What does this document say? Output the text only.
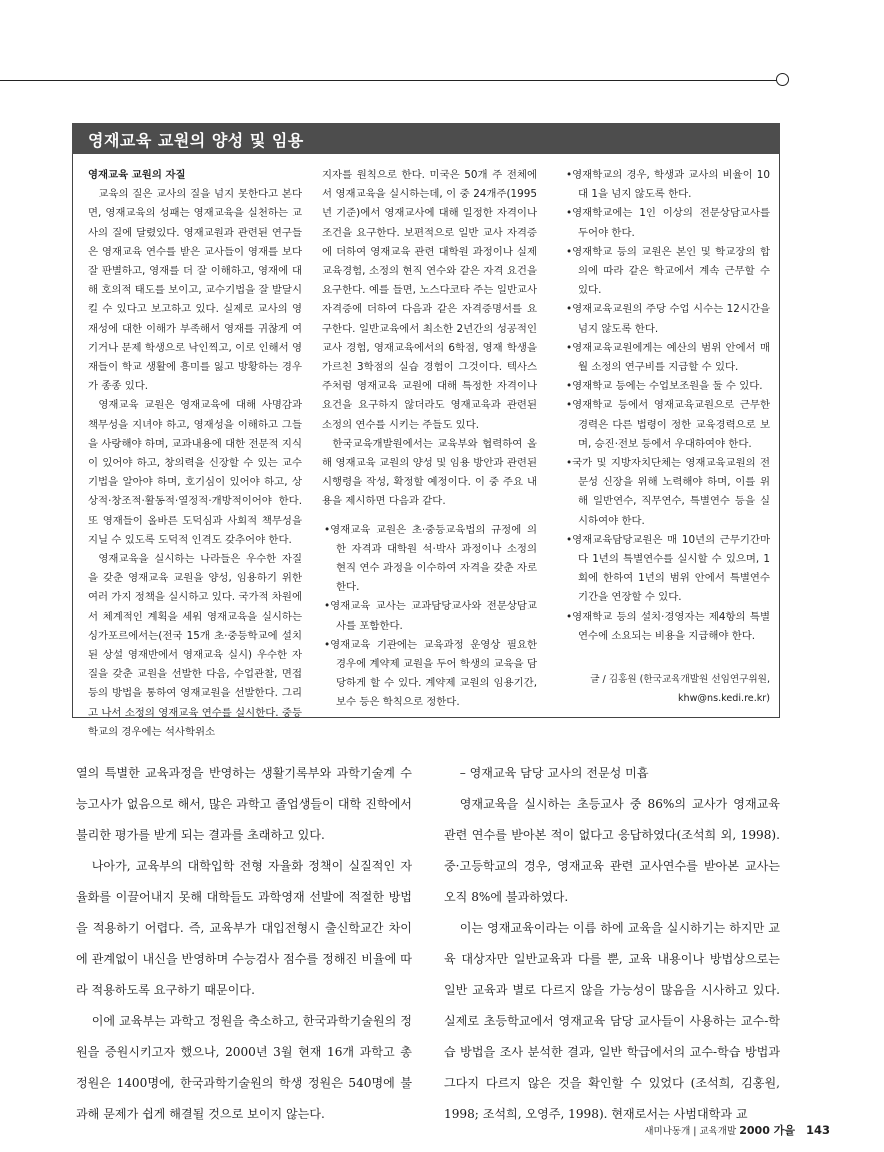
영재교육 교원의 양성 및 임용

영재교육 교원의 자질

교육의 질은 교사의 질을 넘지 못한다고 본다면, 영재교육의 성패는 영재교육을 실천하는 교사의 질에 달렸있다. 영재교원과 관련된 연구들은 영재교육 연수를 받은 교사들이 영재를 보다 잘 판별하고, 영재를 더 잘 이해하고, 영재에 대해 호의적 태도를 보이고, 교수기법을 잘 발달시킬 수 있다고 보고하고 있다. 실제로 교사의 영재성에 대한 이해가 부족해서 영재를 귀찮게 여기거나 문제 학생으로 낙인찍고, 이로 인해서 영재들이 학교 생활에 흥미를 잃고 방황하는 경우가 종종 있다.

영재교육 교원은 영재교육에 대해 사명감과 책무성을 지녀야 하고, 영재성을 이해하고 그들을 사랑해야 하며, 교과내용에 대한 전문적 지식이 있어야 하고, 창의력을 신장할 수 있는 교수기법을 알아야 하며, 호기심이 있어야 하고, 상상적·창조적·활동적·열정적·개방적이어야 한다. 또 영재들이 올바른 도덕심과 사회적 책무성을 지닐 수 있도록 도덕적 인격도 갖추어야 한다.

영재교육을 실시하는 나라들은 우수한 자질을 갖춘 영재교육 교원을 양성, 임용하기 위한 여러 가지 정책을 실시하고 있다. 국가적 차원에서 체계적인 계획을 세워 영재교육을 실시하는 싱가포르에서는(전국 15개 초·중등학교에 설치된 상설 영재반에서 영재교육 실시) 우수한 자질을 갖춘 교원을 선발한 다음, 수업관찰, 면접 등의 방법을 통하여 영재교원을 선발한다. 그리고 나서 소정의 영재교육 연수를 실시한다. 중등학교의 경우에는 석사학위소

지자를 원칙으로 한다. 미국은 50개 주 전체에서 영재교육을 실시하는데, 이 중 24개주(1995년 기준)에서 영재교사에 대해 일정한 자격이나 조건을 요구한다. 보편적으로 일반 교사 자격증에 더하여 영재교육 관련 대학원 과정이나 실제 교육경험, 소정의 현직 연수와 같은 자격 요건을 요구한다. 예를 들면, 노스다코타 주는 일반교사 자격증에 더하여 다음과 같은 자격증명서를 요구한다. 일반교육에서 최소한 2년간의 성공적인 교사 경험, 영재교육에서의 6학점, 영재 학생을 가르친 3학점의 실습 경험이 그것이다. 텍사스 주처럼 영재교육 교원에 대해 특정한 자격이나 요건을 요구하지 않더라도 영재교육과 관련된 소정의 연수를 시키는 주들도 있다.

한국교육개발원에서는 교육부와 협력하여 올해 영재교육 교원의 양성 및 임용 방안과 관련된 시행령을 작성, 확정할 예정이다. 이 중 주요 내용을 제시하면 다음과 같다.

•영재교육 교원은 초·중등교육법의 규정에 의한 자격과 대학원 석·박사 과정이나 소정의 현직 연수 과정을 이수하여 자격을 갖춘 자로 한다.

•영재교육 교사는 교과담당교사와 전문상담교사를 포함한다.

•영재교육 기관에는 교육과정 운영상 필요한 경우에 계약제 교원을 두어 학생의 교육을 담당하게 할 수 있다. 계약제 교원의 임용기간, 보수 등은 학칙으로 정한다.

•영재학교의 경우, 학생과 교사의 비율이 10대 1을 넘지 않도록 한다.

•영재학교에는 1인 이상의 전문상담교사를 두어야 한다.

•영재학교 등의 교원은 본인 및 학교장의 합의에 따라 같은 학교에서 계속 근무할 수 있다.

•영재교육교원의 주당 수업 시수는 12시간을 넘지 않도록 한다.

•영재교육교원에게는 예산의 범위 안에서 매월 소정의 연구비를 지급할 수 있다.

•영재학교 등에는 수업보조원을 둘 수 있다.

•영재학교 등에서 영재교육교원으로 근무한 경력은 다른 법령이 정한 교육경력으로 보며, 승진·전보 등에서 우대하여야 한다.

•국가 및 지방자치단체는 영재교육교원의 전문성 신장을 위해 노력해야 하며, 이를 위해 일반연수, 직무연수, 특별연수 등을 실시하여야 한다.

•영재교육담당교원은 매 10년의 근무기간마다 1년의 특별연수를 실시할 수 있으며, 1회에 한하여 1년의 범위 안에서 특별연수기간을 연장할 수 있다.

•영재학교 등의 설치·경영자는 제4항의 특별연수에 소요되는 비용을 지급해야 한다.

글 / 김홍원 (한국교육개발원 선임연구위원,

khw@ns.kedi.re.kr)

열의 특별한 교육과정을 반영하는 생활기록부와 과학기술계 수능고사가 없음으로 해서, 많은 과학고 졸업생들이 대학 진학에서 불리한 평가를 받게 되는 결과를 초래하고 있다.

나아가, 교육부의 대학입학 전형 자율화 정책이 실질적인 자율화를 이끌어내지 못해 대학들도 과학영재 선발에 적절한 방법을 적용하기 어렵다. 즉, 교육부가 대입전형시 출신학교간 차이에 관계없이 내신을 반영하며 수능검사 점수를 정해진 비율에 따라 적용하도록 요구하기 때문이다.

이에 교육부는 과학고 정원을 축소하고, 한국과학기술원의 정원을 증원시키고자 했으나, 2000년 3월 현재 16개 과학고 총 정원은 1400명에, 한국과학기술원의 학생 정원은 540명에 불과해 문제가 쉽게 해결될 것으로 보이지 않는다.

– 영재교육 담당 교사의 전문성 미흡

영재교육을 실시하는 초등교사 중 86%의 교사가 영재교육 관련 연수를 받아본 적이 없다고 응답하였다(조석희 외, 1998). 중·고등학교의 경우, 영재교육 관련 교사연수를 받아본 교사는 오직 8%에 불과하였다.

이는 영재교육이라는 이름 하에 교육을 실시하기는 하지만 교육 대상자만 일반교육과 다를 뿐, 교육 내용이나 방법상으로는 일반 교육과 별로 다르지 않을 가능성이 많음을 시사하고 있다. 실제로 초등학교에서 영재교육 담당 교사들이 사용하는 교수-학습 방법을 조사 분석한 결과, 일반 학급에서의 교수-학습 방법과 그다지 다르지 않은 것을 확인할 수 있었다 (조석희, 김홍원, 1998; 조석희, 오영주, 1998). 현재로서는 사범대학과 교

새미나동개 | 교육개발 2000 가을 143
